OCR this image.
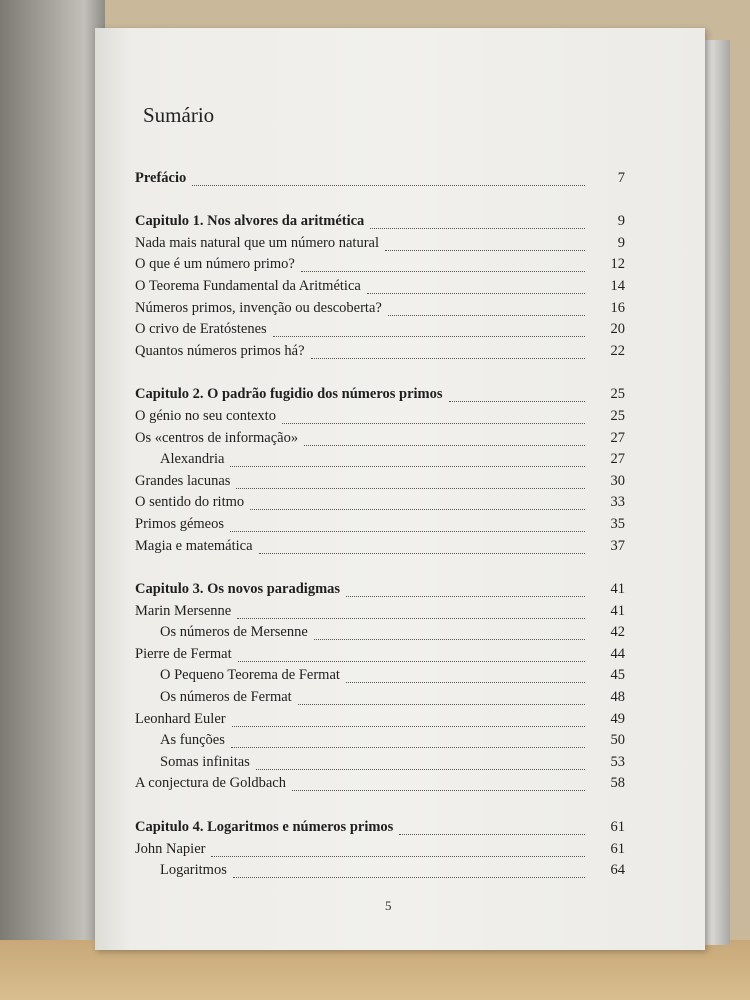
Sumário
Prefácio	7
Capitulo 1. Nos alvores da aritmética	9
Nada mais natural que um número natural	9
O que é um número primo?	12
O Teorema Fundamental da Aritmética	14
Números primos, invenção ou descoberta?	16
O crivo de Eratóstenes	20
Quantos números primos há?	22
Capitulo 2. O padrão fugidio dos números primos	25
O génio no seu contexto	25
Os «centros de informação»	27
Alexandria	27
Grandes lacunas	30
O sentido do ritmo	33
Primos gémeos	35
Magia e matemática	37
Capitulo 3. Os novos paradigmas	41
Marin Mersenne	41
Os números de Mersenne	42
Pierre de Fermat	44
O Pequeno Teorema de Fermat	45
Os números de Fermat	48
Leonhard Euler	49
As funções	50
Somas infinitas	53
A conjectura de Goldbach	58
Capitulo 4. Logaritmos e números primos	61
John Napier	61
Logaritmos	64
5
